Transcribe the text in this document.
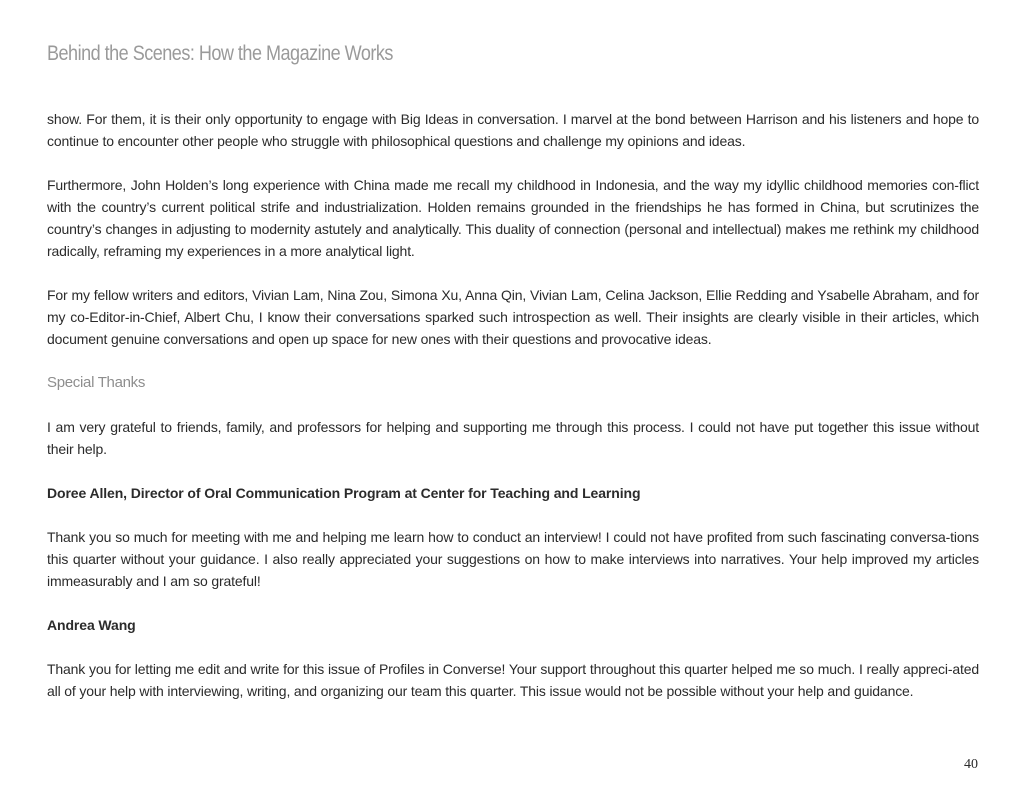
Behind the Scenes: How the Magazine Works

show. For them, it is their only opportunity to engage with Big Ideas in conversation. I marvel at the bond between Harrison and his listeners and hope to continue to encounter other people who struggle with philosophical questions and challenge my opinions and ideas.

Furthermore, John Holden’s long experience with China made me recall my childhood in Indonesia, and the way my idyllic childhood memories con-flict with the country’s current political strife and industrialization. Holden remains grounded in the friendships he has formed in China, but scrutinizes the country’s changes in adjusting to modernity astutely and analytically. This duality of connection (personal and intellectual) makes me rethink my childhood radically, reframing my experiences in a more analytical light.

For my fellow writers and editors, Vivian Lam, Nina Zou, Simona Xu, Anna Qin, Vivian Lam, Celina Jackson, Ellie Redding and Ysabelle Abraham, and for my co-Editor-in-Chief, Albert Chu, I know their conversations sparked such introspection as well. Their insights are clearly visible in their articles, which document genuine conversations and open up space for new ones with their questions and provocative ideas.

Special Thanks

I am very grateful to friends, family, and professors for helping and supporting me through this process. I could not have put together this issue without their help.

Doree Allen, Director of Oral Communication Program at Center for Teaching and Learning

Thank you so much for meeting with me and helping me learn how to conduct an interview! I could not have profited from such fascinating conversa-tions this quarter without your guidance. I also really appreciated your suggestions on how to make interviews into narratives. Your help improved my articles immeasurably and I am so grateful!

Andrea Wang

Thank you for letting me edit and write for this issue of Profiles in Converse! Your support throughout this quarter helped me so much. I really appreci-ated all of your help with interviewing, writing, and organizing our team this quarter. This issue would not be possible without your help and guidance.

40
